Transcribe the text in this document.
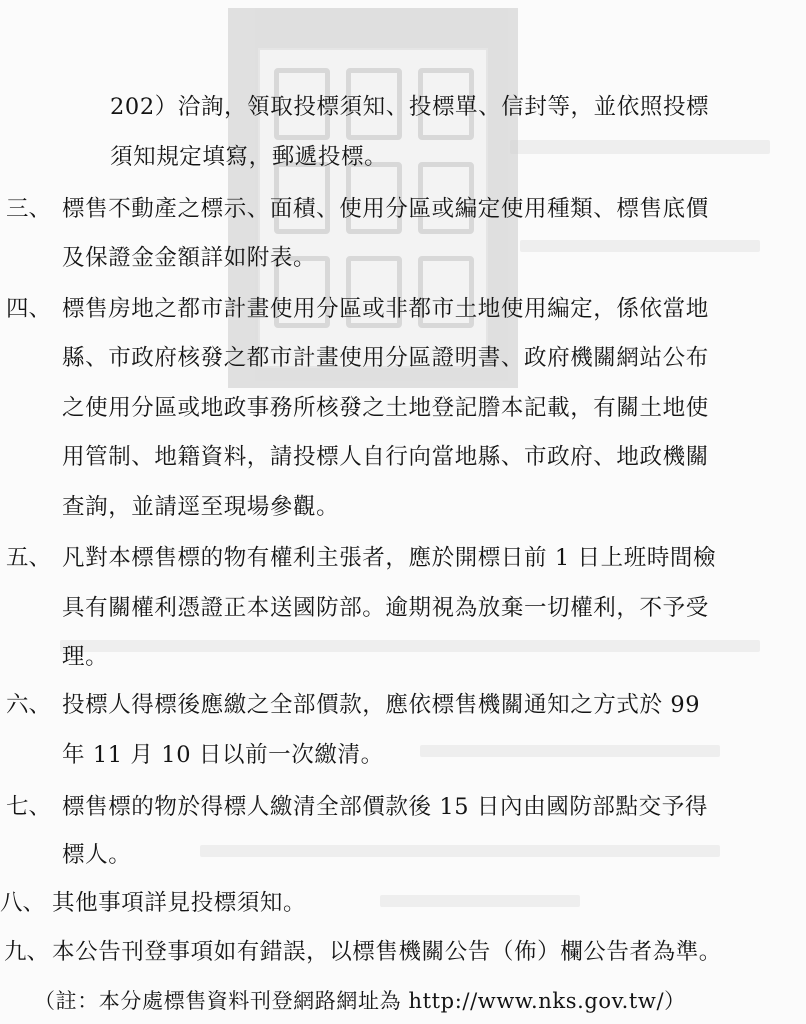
202）洽詢，領取投標須知、投標單、信封等，並依照投標
須知規定填寫，郵遞投標。
三、 標售不動產之標示、面積、使用分區或編定使用種類、標售底價
及保證金金額詳如附表。
四、 標售房地之都市計畫使用分區或非都市土地使用編定，係依當地
縣、市政府核發之都市計畫使用分區證明書、政府機關網站公布
之使用分區或地政事務所核發之土地登記謄本記載，有關土地使
用管制、地籍資料，請投標人自行向當地縣、市政府、地政機關
查詢，並請逕至現場參觀。
五、 凡對本標售標的物有權利主張者，應於開標日前 1 日上班時間檢
具有關權利憑證正本送國防部。逾期視為放棄一切權利，不予受
理。
六、 投標人得標後應繳之全部價款，應依標售機關通知之方式於 99
年 11 月 10 日以前一次繳清。
七、 標售標的物於得標人繳清全部價款後 15 日內由國防部點交予得
標人。
八、 其他事項詳見投標須知。
九、 本公告刊登事項如有錯誤，以標售機關公告（佈）欄公告者為準。
（註：本分處標售資料刊登網路網址為 http://www.nks.gov.tw/）
